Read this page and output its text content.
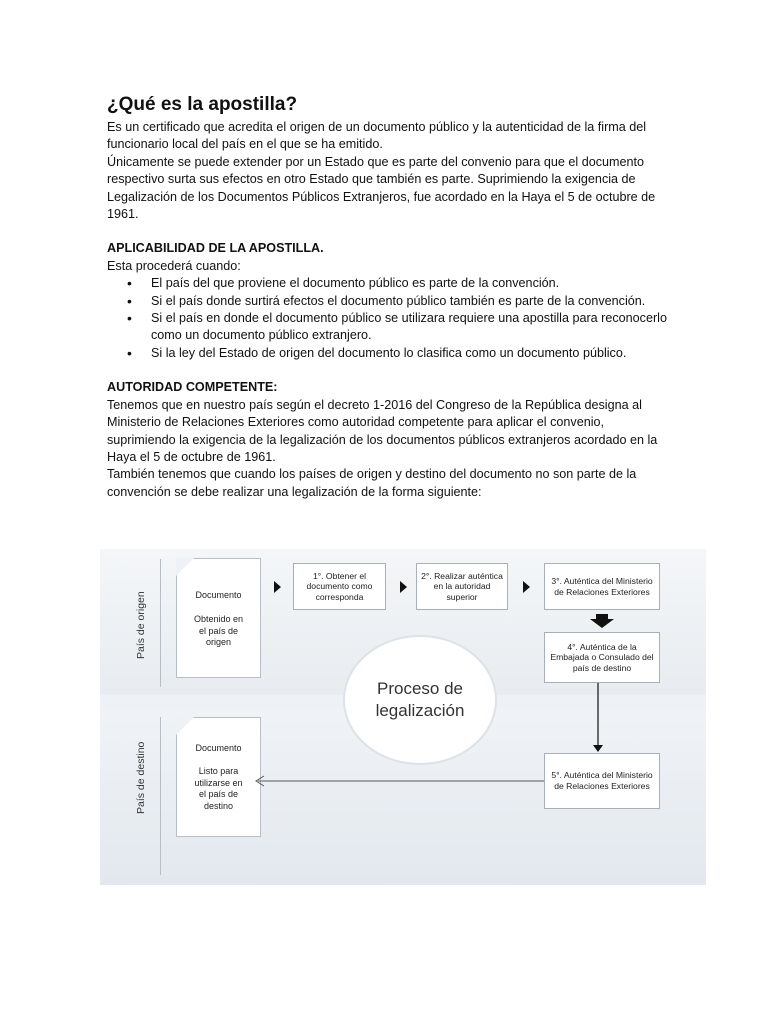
¿Qué es la apostilla?

Es un certificado que acredita el origen de un documento público y la autenticidad de la firma del funcionario local del país en el que se ha emitido.

Únicamente se puede extender por un Estado que es parte del convenio para que el documento respectivo surta sus efectos en otro Estado que también es parte. Suprimiendo la exigencia de Legalización de los Documentos Públicos Extranjeros, fue acordado en la Haya el 5 de octubre de 1961.

APLICABILIDAD DE LA APOSTILLA.

Esta procederá cuando:

• El país del que proviene el documento público es parte de la convención.
• Si el país donde surtirá efectos el documento público también es parte de la convención.
• Si el país en donde el documento público se utilizara requiere una apostilla para reconocerlo como un documento público extranjero.
• Si la ley del Estado de origen del documento lo clasifica como un documento público.

AUTORIDAD COMPETENTE:

Tenemos que en nuestro país según el decreto 1-2016 del Congreso de la República designa al Ministerio de Relaciones Exteriores como autoridad competente para aplicar el convenio, suprimiendo la exigencia de la legalización de los documentos públicos extranjeros acordado en la Haya el 5 de octubre de 1961.

También tenemos que cuando los países de origen y destino del documento no son parte de la convención se debe realizar una legalización de la forma siguiente:

País de origen
País de destino
Documento
Obtenido en el país de origen
Documento
Listo para utilizarse en el país de destino
1°. Obtener el documento como corresponda
2°. Realizar auténtica en la autoridad superior
3°. Auténtica del Ministerio de Relaciones Exteriores
4°. Auténtica de la Embajada o Consulado del país de destino
5°. Auténtica del Ministerio de Relaciones Exteriores
Proceso de legalización
